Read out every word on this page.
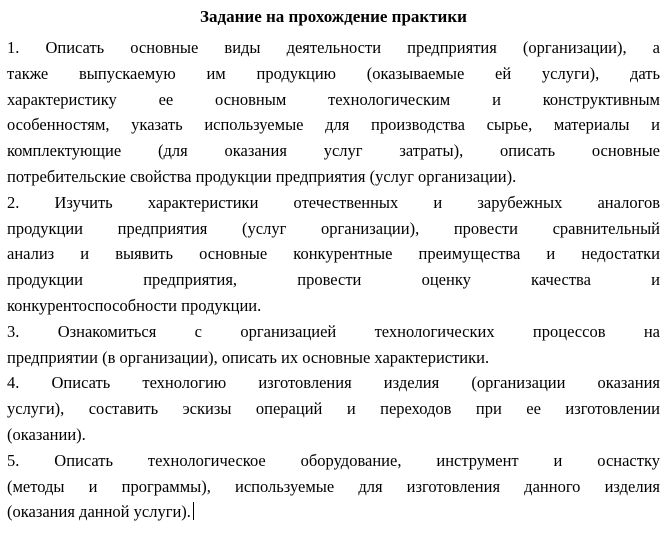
Задание на прохождение практики

1. Описать основные виды деятельности предприятия (организации), а
также выпускаемую им продукцию (оказываемые ей услуги), дать
характеристику ее основным технологическим и конструктивным
особенностям, указать используемые для производства сырье, материалы и
комплектующие (для оказания услуг затраты), описать основные
потребительские свойства продукции предприятия (услуг организации).

2. Изучить характеристики отечественных и зарубежных аналогов
продукции предприятия (услуг организации), провести сравнительный
анализ и выявить основные конкурентные преимущества и недостатки
продукции предприятия, провести оценку качества и
конкурентоспособности продукции.

3. Ознакомиться с организацией технологических процессов на
предприятии (в организации), описать их основные характеристики.

4. Описать технологию изготовления изделия (организации оказания
услуги), составить эскизы операций и переходов при ее изготовлении
(оказании).

5. Описать технологическое оборудование, инструмент и оснастку
(методы и программы), используемые для изготовления данного изделия
(оказания данной услуги).
